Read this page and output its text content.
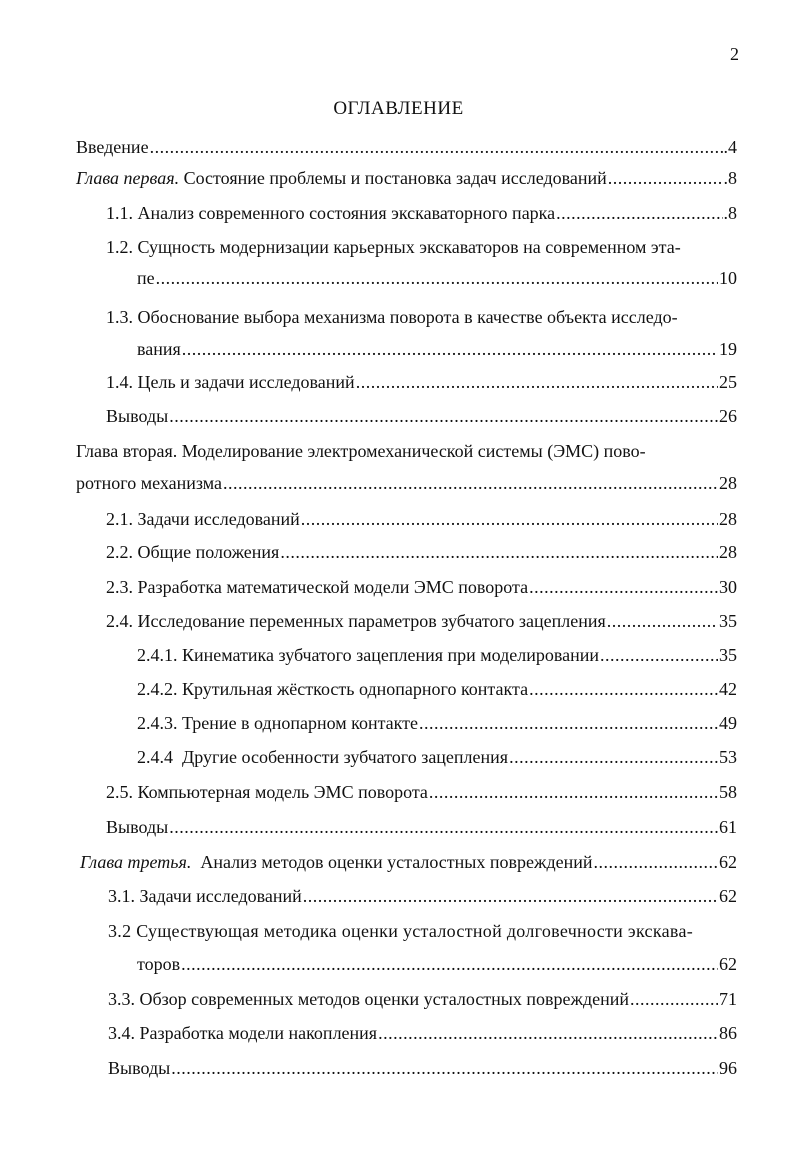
2
ОГЛАВЛЕНИЕ
Введение .....	.4
Глава первая. Состояние проблемы и постановка задач исследований .....	.8
1.1. Анализ современного состояния экскаваторного парка .....	.8
1.2. Сущность модернизации карьерных экскаваторов на современном эта-
пе .....	10
1.3. Обоснование выбора механизма поворота в качестве объекта исследо-
вания .....	19
1.4. Цель и задачи исследований .....	25
Выводы .....	26
Глава вторая. Моделирование электромеханической системы (ЭМС) пово-
ротного механизма .....	28
2.1. Задачи исследований .....	28
2.2. Общие положения .....	28
2.3. Разработка математической модели ЭМС поворота .....	30
2.4. Исследование переменных параметров зубчатого зацепления .....	35
2.4.1. Кинематика зубчатого зацепления при моделировании .....	35
2.4.2. Крутильная жёсткость однопарного контакта .....	42
2.4.3. Трение в однопарном контакте .....	49
2.4.4  Другие особенности зубчатого зацепления .....	53
2.5. Компьютерная модель ЭМС поворота .....	58
Выводы .....	61
Глава третья. Анализ методов оценки усталостных повреждений .....	62
3.1. Задачи исследований .....	62
3.2 Существующая методика оценки усталостной долговечности экскава-
торов .....	62
3.3. Обзор современных методов оценки усталостных повреждений .....	71
3.4. Разработка модели накопления .....	86
Выводы .....	96
